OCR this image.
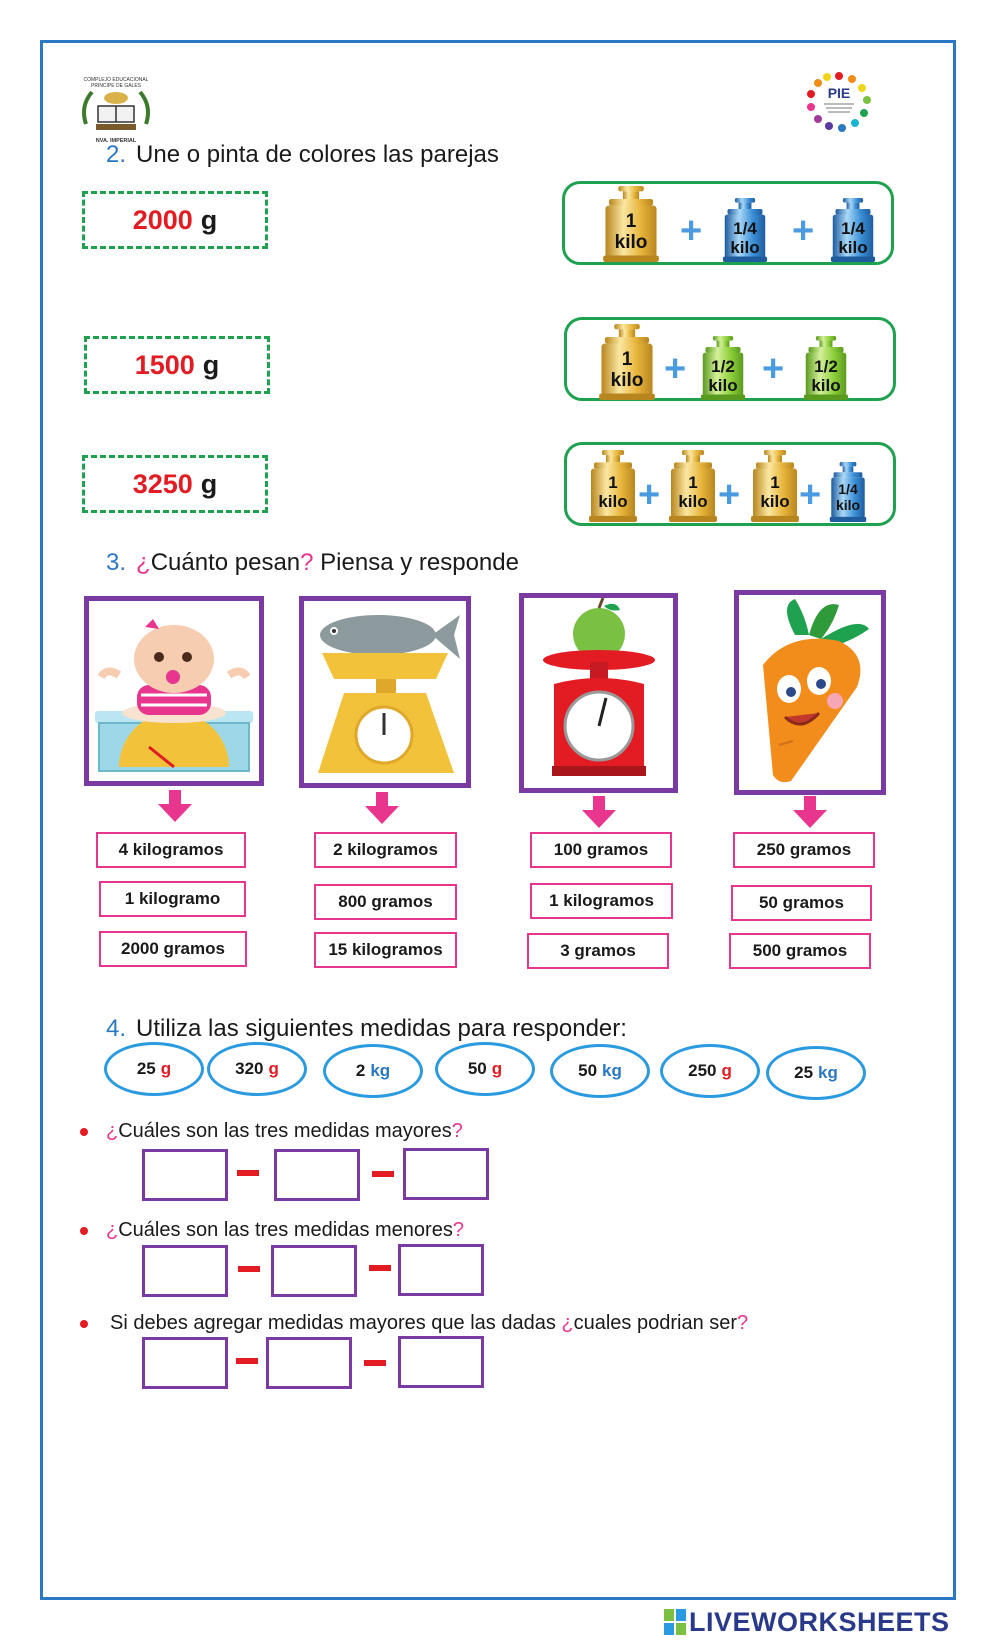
COMPLEJO EDUCACIONAL
PRINCIPE DE GALES
NVA. IMPERIAL
PIE
2. Une o pinta de colores las parejas
2000 g
1500 g
3250 g
1
kilo
1/4
kilo
1/4
kilo
+ +
1
kilo
1/2
kilo
1/2
kilo
+ +
1
kilo
1
kilo
1
kilo
1/4
kilo
+ + +
3. ¿Cuánto pesan? Piensa y responde
4 kilogramos
1 kilogramo
2000 gramos
2 kilogramos
800 gramos
15 kilogramos
100 gramos
1 kilogramos
3 gramos
250 gramos
50 gramos
500 gramos
4. Utiliza las siguientes medidas para responder:
25 g	320 g	2 kg	50 g	50 kg	250 g	25 kg
¿Cuáles son las tres medidas mayores?
¿Cuáles son las tres medidas menores?
Si debes agregar medidas mayores que las dadas ¿cuales podrian ser?
LIVEWORKSHEETS
